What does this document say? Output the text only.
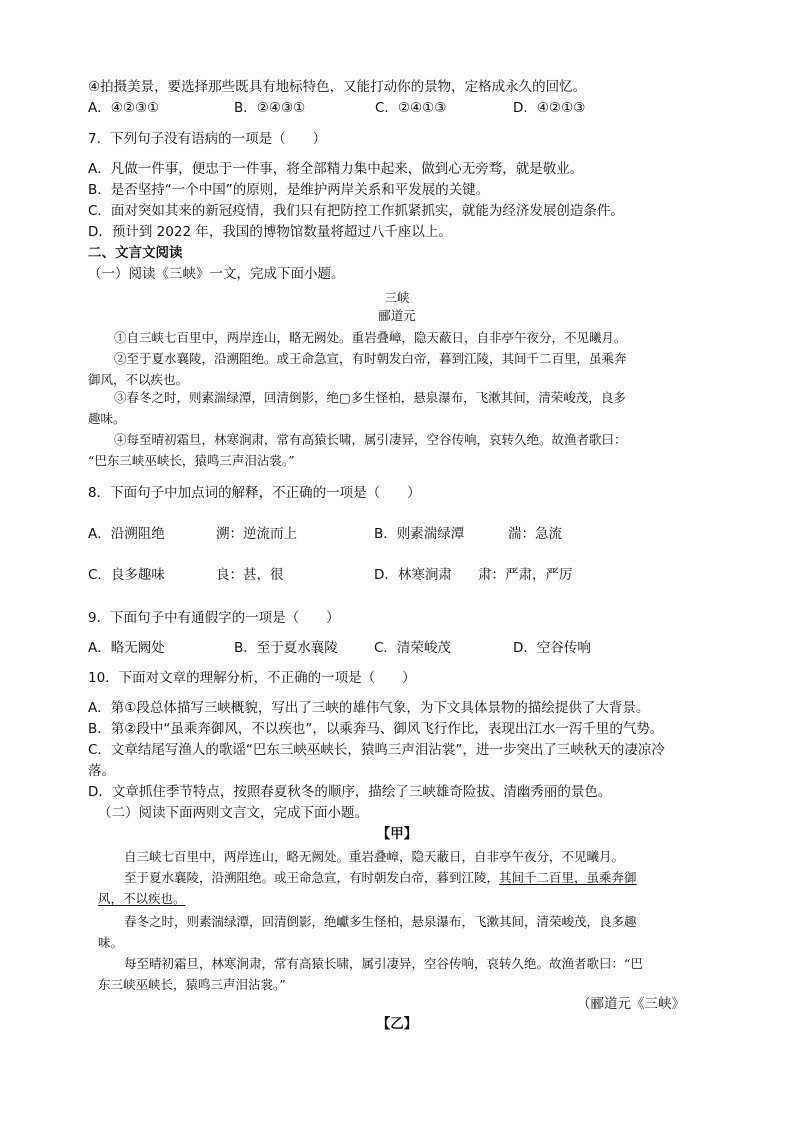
④拍摄美景，要选择那些既具有地标特色，又能打动你的景物，定格成永久的回忆。
A．④②③①	B．②④③①	C．②④①③	D．④②①③
7．下列句子没有语病的一项是（　　）
A．凡做一件事，便忠于一件事，将全部精力集中起来，做到心无旁骛，就是敬业。
B．是否坚持“一个中国”的原则，是维护两岸关系和平发展的关键。
C．面对突如其来的新冠疫情，我们只有把防控工作抓紧抓实，就能为经济发展创造条件。
D．预计到 2022 年，我国的博物馆数量将超过八千座以上。
二、文言文阅读
（一）阅读《三峡》一文，完成下面小题。
三峡
郦道元
①自三峡七百里中，两岸连山，略无阙处。重岩叠嶂，隐天蔽日，自非亭午夜分，不见曦月。
②至于夏水襄陵，沿溯阻绝。或王命急宣，有时朝发白帝，暮到江陵，其间千二百里，虽乘奔
御风，不以疾也。
③春冬之时，则素湍绿潭，回清倒影，绝▢多生怪柏，悬泉瀑布，飞漱其间，清荣峻茂，良多
趣味。
④每至晴初霜旦，林寒涧肃，常有高猿长啸，属引凄异，空谷传响，哀转久绝。故渔者歌曰：
“巴东三峡巫峡长，猿鸣三声泪沾裳。”
8．下面句子中加点词的解释，不正确的一项是（　　）
A．沿溯阻绝	溯：逆流而上	B．则素湍绿潭	湍：急流
C．良多趣味	良：甚，很	D．林寒涧肃 肃：严肃，严厉
9．下面句子中有通假字的一项是（　　）
A．略无阙处	B．至于夏水襄陵	C．清荣峻茂	D．空谷传响
10．下面对文章的理解分析，不正确的一项是（　　）
A．第①段总体描写三峡概貌，写出了三峡的雄伟气象，为下文具体景物的描绘提供了大背景。
B．第②段中“虽乘奔御风，不以疾也”，以乘奔马、御风飞行作比，表现出江水一泻千里的气势。
C．文章结尾写渔人的歌谣“巴东三峡巫峡长，猿鸣三声泪沾裳”，进一步突出了三峡秋天的凄凉冷
落。
D．文章抓住季节特点，按照春夏秋冬的顺序，描绘了三峡雄奇险拔、清幽秀丽的景色。
（二）阅读下面两则文言文，完成下面小题。
【甲】
自三峡七百里中，两岸连山，略无阙处。重岩叠嶂，隐天蔽日，自非亭午夜分，不见曦月。
至于夏水襄陵，沿溯阻绝。或王命急宣，有时朝发白帝，暮到江陵，其间千二百里，虽乘奔御
风，不以疾也。
春冬之时，则素湍绿潭，回清倒影，绝巘多生怪柏，悬泉瀑布，飞漱其间，清荣峻茂，良多趣
味。
每至晴初霜旦，林寒涧肃，常有高猿长啸，属引凄异，空谷传响，哀转久绝。故渔者歌曰：“巴
东三峡巫峡长，猿鸣三声泪沾裳。”
（郦道元《三峡》
【乙】
